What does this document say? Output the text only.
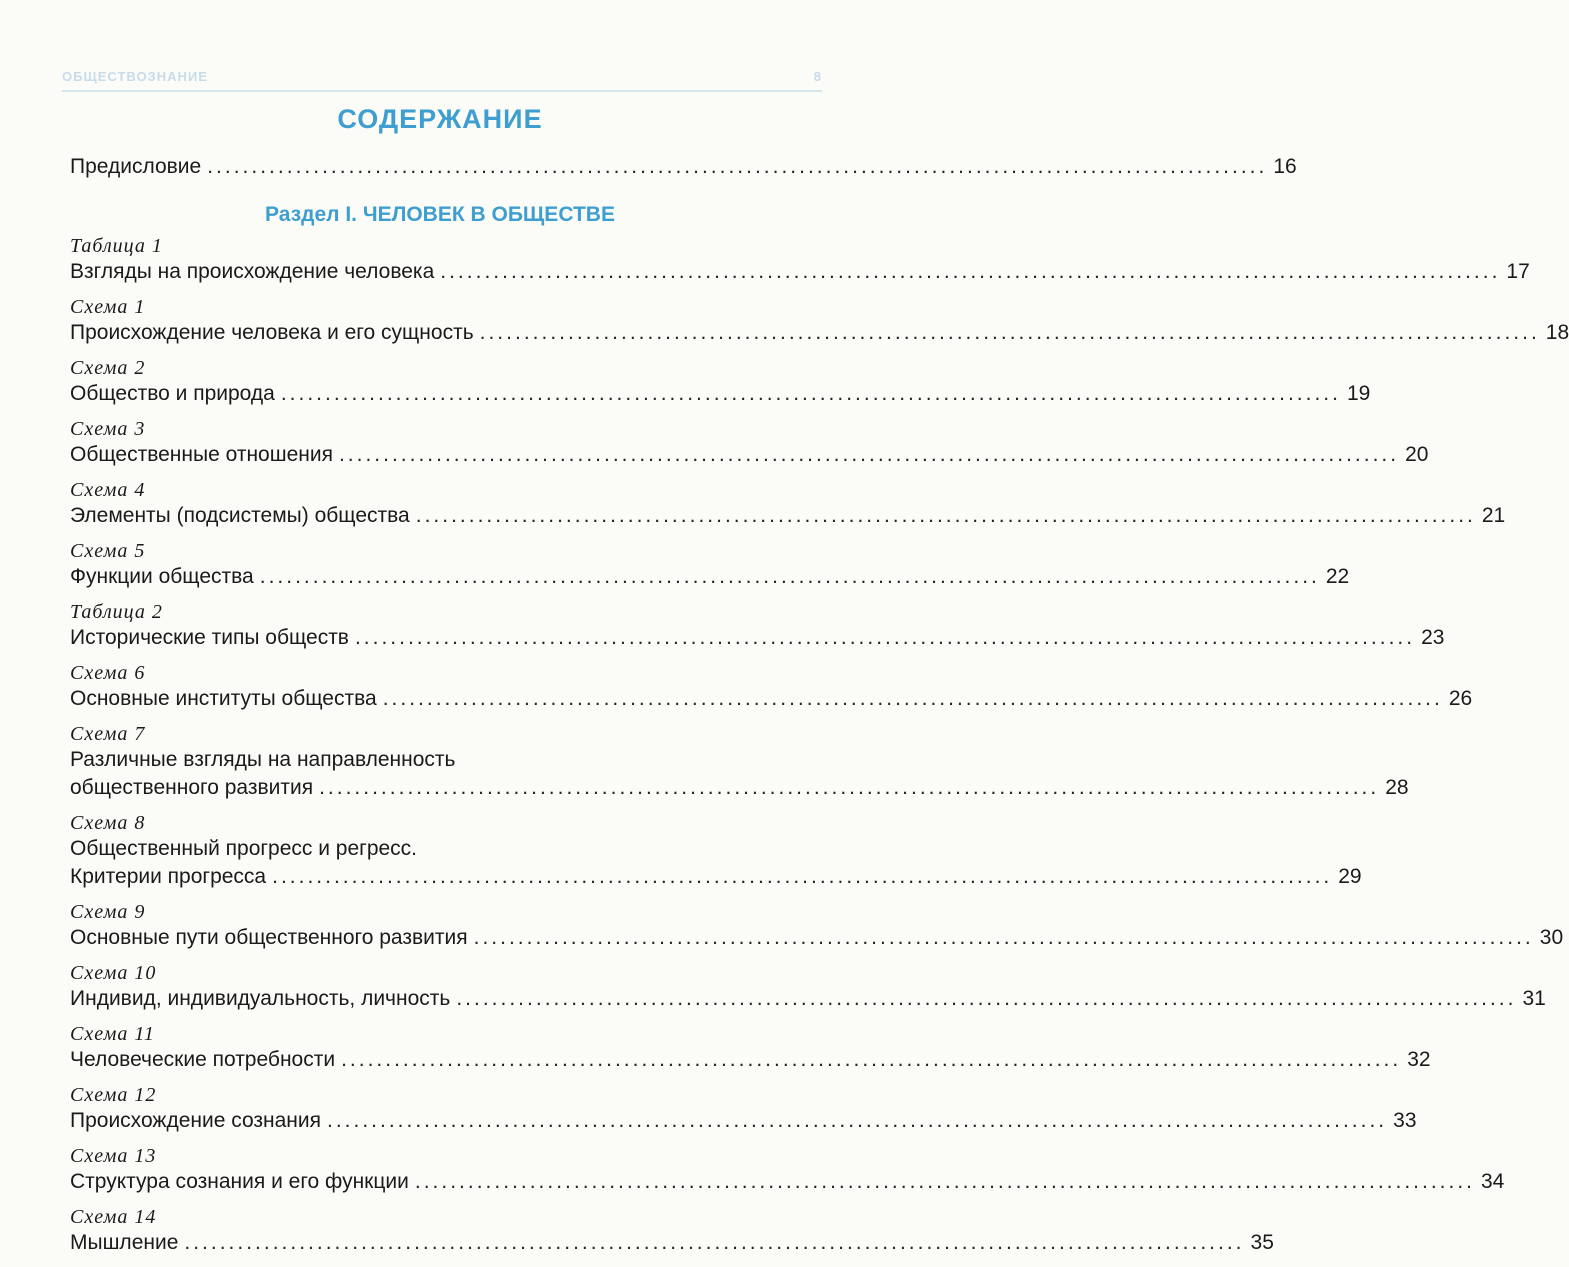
ОБЩЕСТВОЗНАНИЕ	8
СОДЕРЖАНИЕ
Предисловие ........................................................................................................................ 16
Раздел I. ЧЕЛОВЕК В ОБЩЕСТВЕ
Таблица 1
Взгляды на происхождение человека ........................................................................................................................ 17
Схема 1
Происхождение человека и его сущность ........................................................................................................................ 18
Схема 2
Общество и природа ........................................................................................................................ 19
Схема 3
Общественные отношения ........................................................................................................................ 20
Схема 4
Элементы (подсистемы) общества ........................................................................................................................ 21
Схема 5
Функции общества ........................................................................................................................ 22
Таблица 2
Исторические типы обществ ........................................................................................................................ 23
Схема 6
Основные институты общества ........................................................................................................................ 26
Схема 7
Различные взгляды на направленность
общественного развития ........................................................................................................................ 28
Схема 8
Общественный прогресс и регресс.
Критерии прогресса ........................................................................................................................ 29
Схема 9
Основные пути общественного развития ........................................................................................................................ 30
Схема 10
Индивид, индивидуальность, личность ........................................................................................................................ 31
Схема 11
Человеческие потребности ........................................................................................................................ 32
Схема 12
Происхождение сознания ........................................................................................................................ 33
Схема 13
Структура сознания и его функции ........................................................................................................................ 34
Схема 14
Мышление ........................................................................................................................ 35
